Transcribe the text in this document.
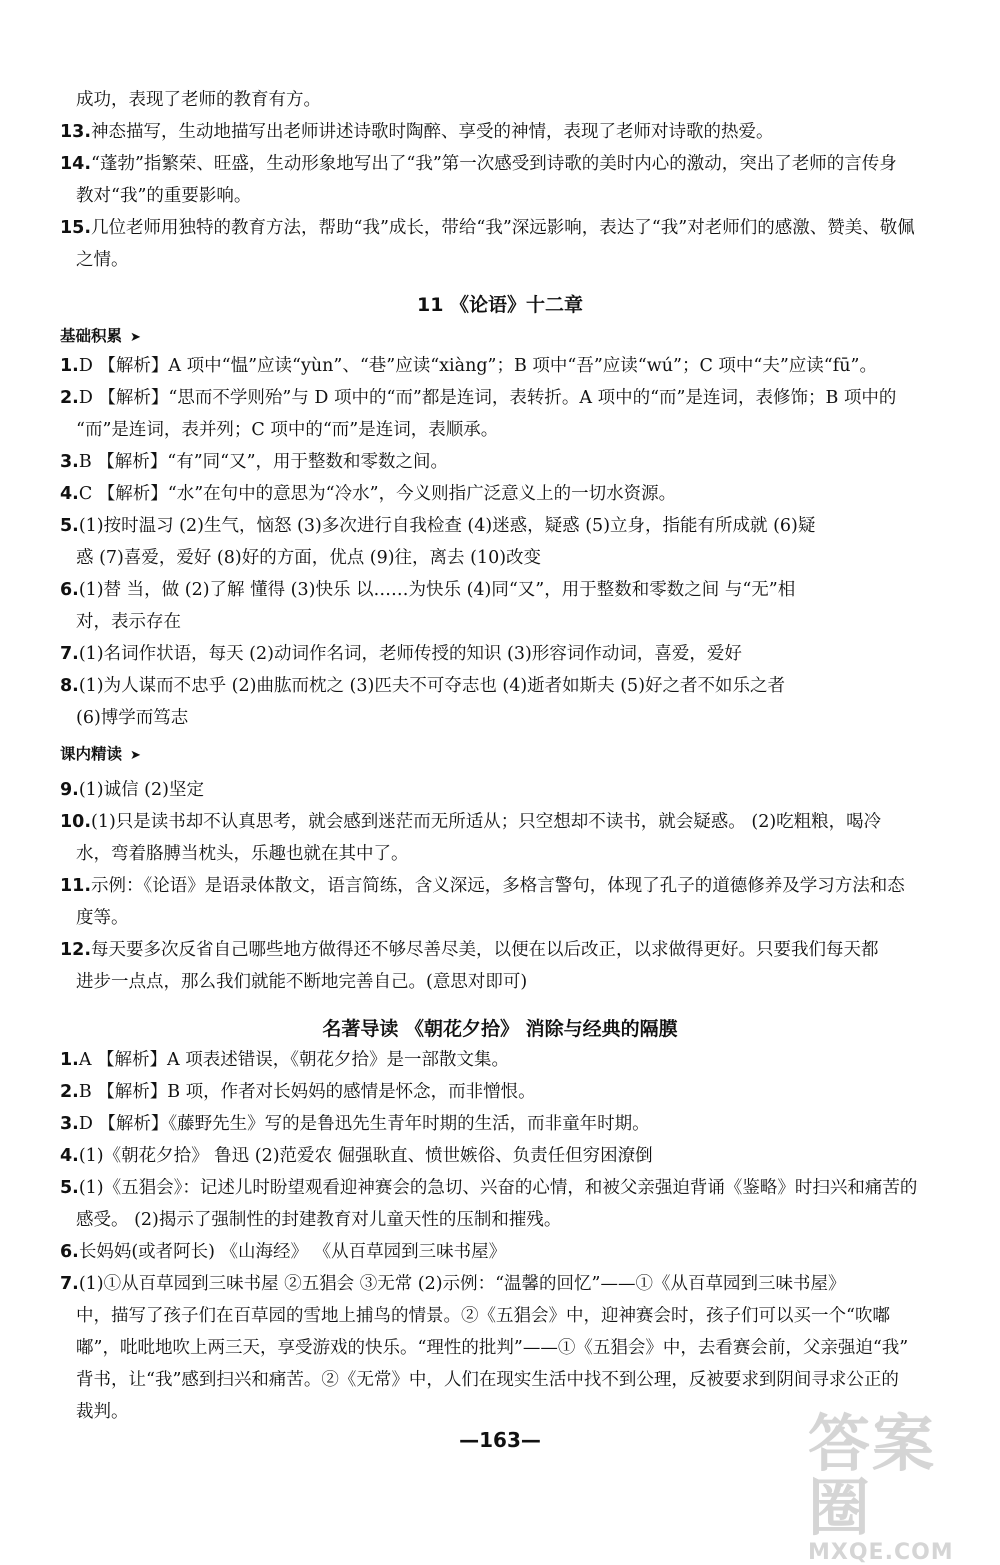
成功，表现了老师的教育有方。
13.神态描写，生动地描写出老师讲述诗歌时陶醉、享受的神情，表现了老师对诗歌的热爱。
14.“蓬勃”指繁荣、旺盛，生动形象地写出了“我”第一次感受到诗歌的美时内心的激动，突出了老师的言传身
教对“我”的重要影响。
15.几位老师用独特的教育方法，帮助“我”成长，带给“我”深远影响，表达了“我”对老师们的感激、赞美、敬佩
之情。
11 《论语》十二章
基础积累 ➤
1.D 【解析】A 项中“愠”应读“yùn”、“巷”应读“xiàng”；B 项中“吾”应读“wú”；C 项中“夫”应读“fū”。
2.D 【解析】“思而不学则殆”与 D 项中的“而”都是连词，表转折。A 项中的“而”是连词，表修饰；B 项中的
“而”是连词，表并列；C 项中的“而”是连词，表顺承。
3.B 【解析】“有”同“又”，用于整数和零数之间。
4.C 【解析】“水”在句中的意思为“冷水”，今义则指广泛意义上的一切水资源。
5.(1)按时温习 (2)生气，恼怒 (3)多次进行自我检查 (4)迷惑，疑惑 (5)立身，指能有所成就 (6)疑
惑 (7)喜爱，爱好 (8)好的方面，优点 (9)往，离去 (10)改变
6.(1)替 当，做 (2)了解 懂得 (3)快乐 以……为快乐 (4)同“又”，用于整数和零数之间 与“无”相
对，表示存在
7.(1)名词作状语，每天 (2)动词作名词，老师传授的知识 (3)形容词作动词，喜爱，爱好
8.(1)为人谋而不忠乎 (2)曲肱而枕之 (3)匹夫不可夺志也 (4)逝者如斯夫 (5)好之者不如乐之者
(6)博学而笃志
课内精读 ➤
9.(1)诚信 (2)坚定
10.(1)只是读书却不认真思考，就会感到迷茫而无所适从；只空想却不读书，就会疑惑。 (2)吃粗粮，喝冷
水，弯着胳膊当枕头，乐趣也就在其中了。
11.示例：《论语》是语录体散文，语言简练，含义深远，多格言警句，体现了孔子的道德修养及学习方法和态
度等。
12.每天要多次反省自己哪些地方做得还不够尽善尽美，以便在以后改正，以求做得更好。只要我们每天都
进步一点点，那么我们就能不断地完善自己。(意思对即可)
名著导读 《朝花夕拾》 消除与经典的隔膜
1.A 【解析】A 项表述错误，《朝花夕拾》是一部散文集。
2.B 【解析】B 项，作者对长妈妈的感情是怀念，而非憎恨。
3.D 【解析】《藤野先生》写的是鲁迅先生青年时期的生活，而非童年时期。
4.(1)《朝花夕拾》 鲁迅 (2)范爱农 倔强耿直、愤世嫉俗、负责任但穷困潦倒
5.(1)《五猖会》：记述儿时盼望观看迎神赛会的急切、兴奋的心情，和被父亲强迫背诵《鉴略》时扫兴和痛苦的
感受。 (2)揭示了强制性的封建教育对儿童天性的压制和摧残。
6.长妈妈(或者阿长) 《山海经》 《从百草园到三味书屋》
7.(1)①从百草园到三味书屋 ②五猖会 ③无常 (2)示例：“温馨的回忆”——①《从百草园到三味书屋》
中，描写了孩子们在百草园的雪地上捕鸟的情景。②《五猖会》中，迎神赛会时，孩子们可以买一个“吹嘟
嘟”，吡吡地吹上两三天，享受游戏的快乐。“理性的批判”——①《五猖会》中，去看赛会前，父亲强迫“我”
背书，让“我”感到扫兴和痛苦。②《无常》中，人们在现实生活中找不到公理，反被要求到阴间寻求公正的
裁判。
—163—	答案圈
MXQE.COM
